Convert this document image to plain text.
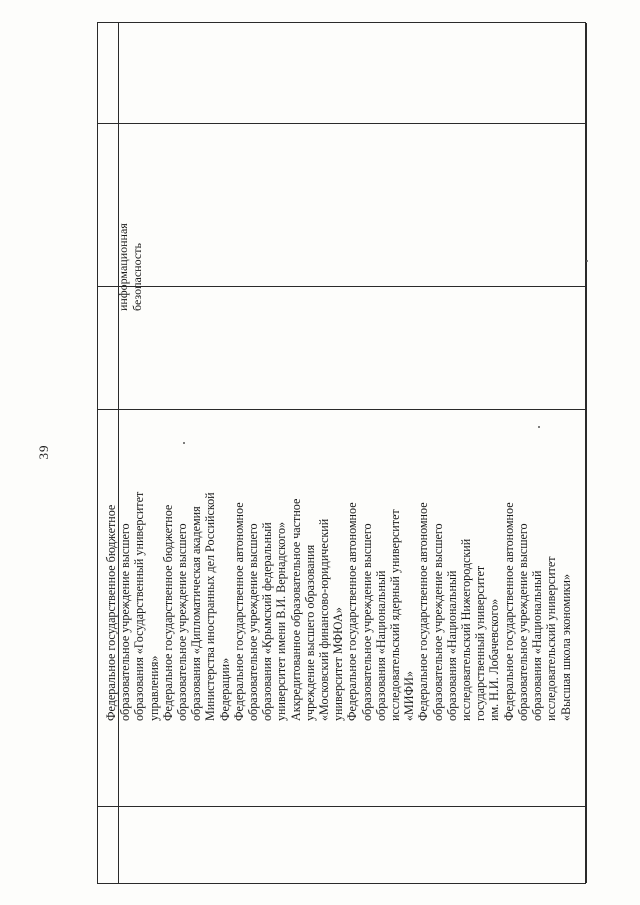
39
информационная безопасность
Федеральное государственное бюджетное образовательное учреждение высшего образования «Государственный университет управления» Федеральное государственное бюджетное образовательное учреждение высшего образования «Дипломатическая академия Министерства иностранных дел Российской Федерации» Федеральное государственное автономное образовательное учреждение высшего образования «Крымский федеральный университет имени В.И. Вернадского» Аккредитованное образовательное частное учреждение высшего образования «Московский финансово-юридический университет МФЮА» Федеральное государственное автономное образовательное учреждение высшего образования «Национальный исследовательский ядерный университет «МИФИ» Федеральное государственное автономное образовательное учреждение высшего образования «Национальный исследовательский Нижегородский государственный университет им. Н.И. Лобачевского» Федеральное государственное автономное образовательное учреждение высшего образования «Национальный исследовательский университет «Высшая школа экономики»
